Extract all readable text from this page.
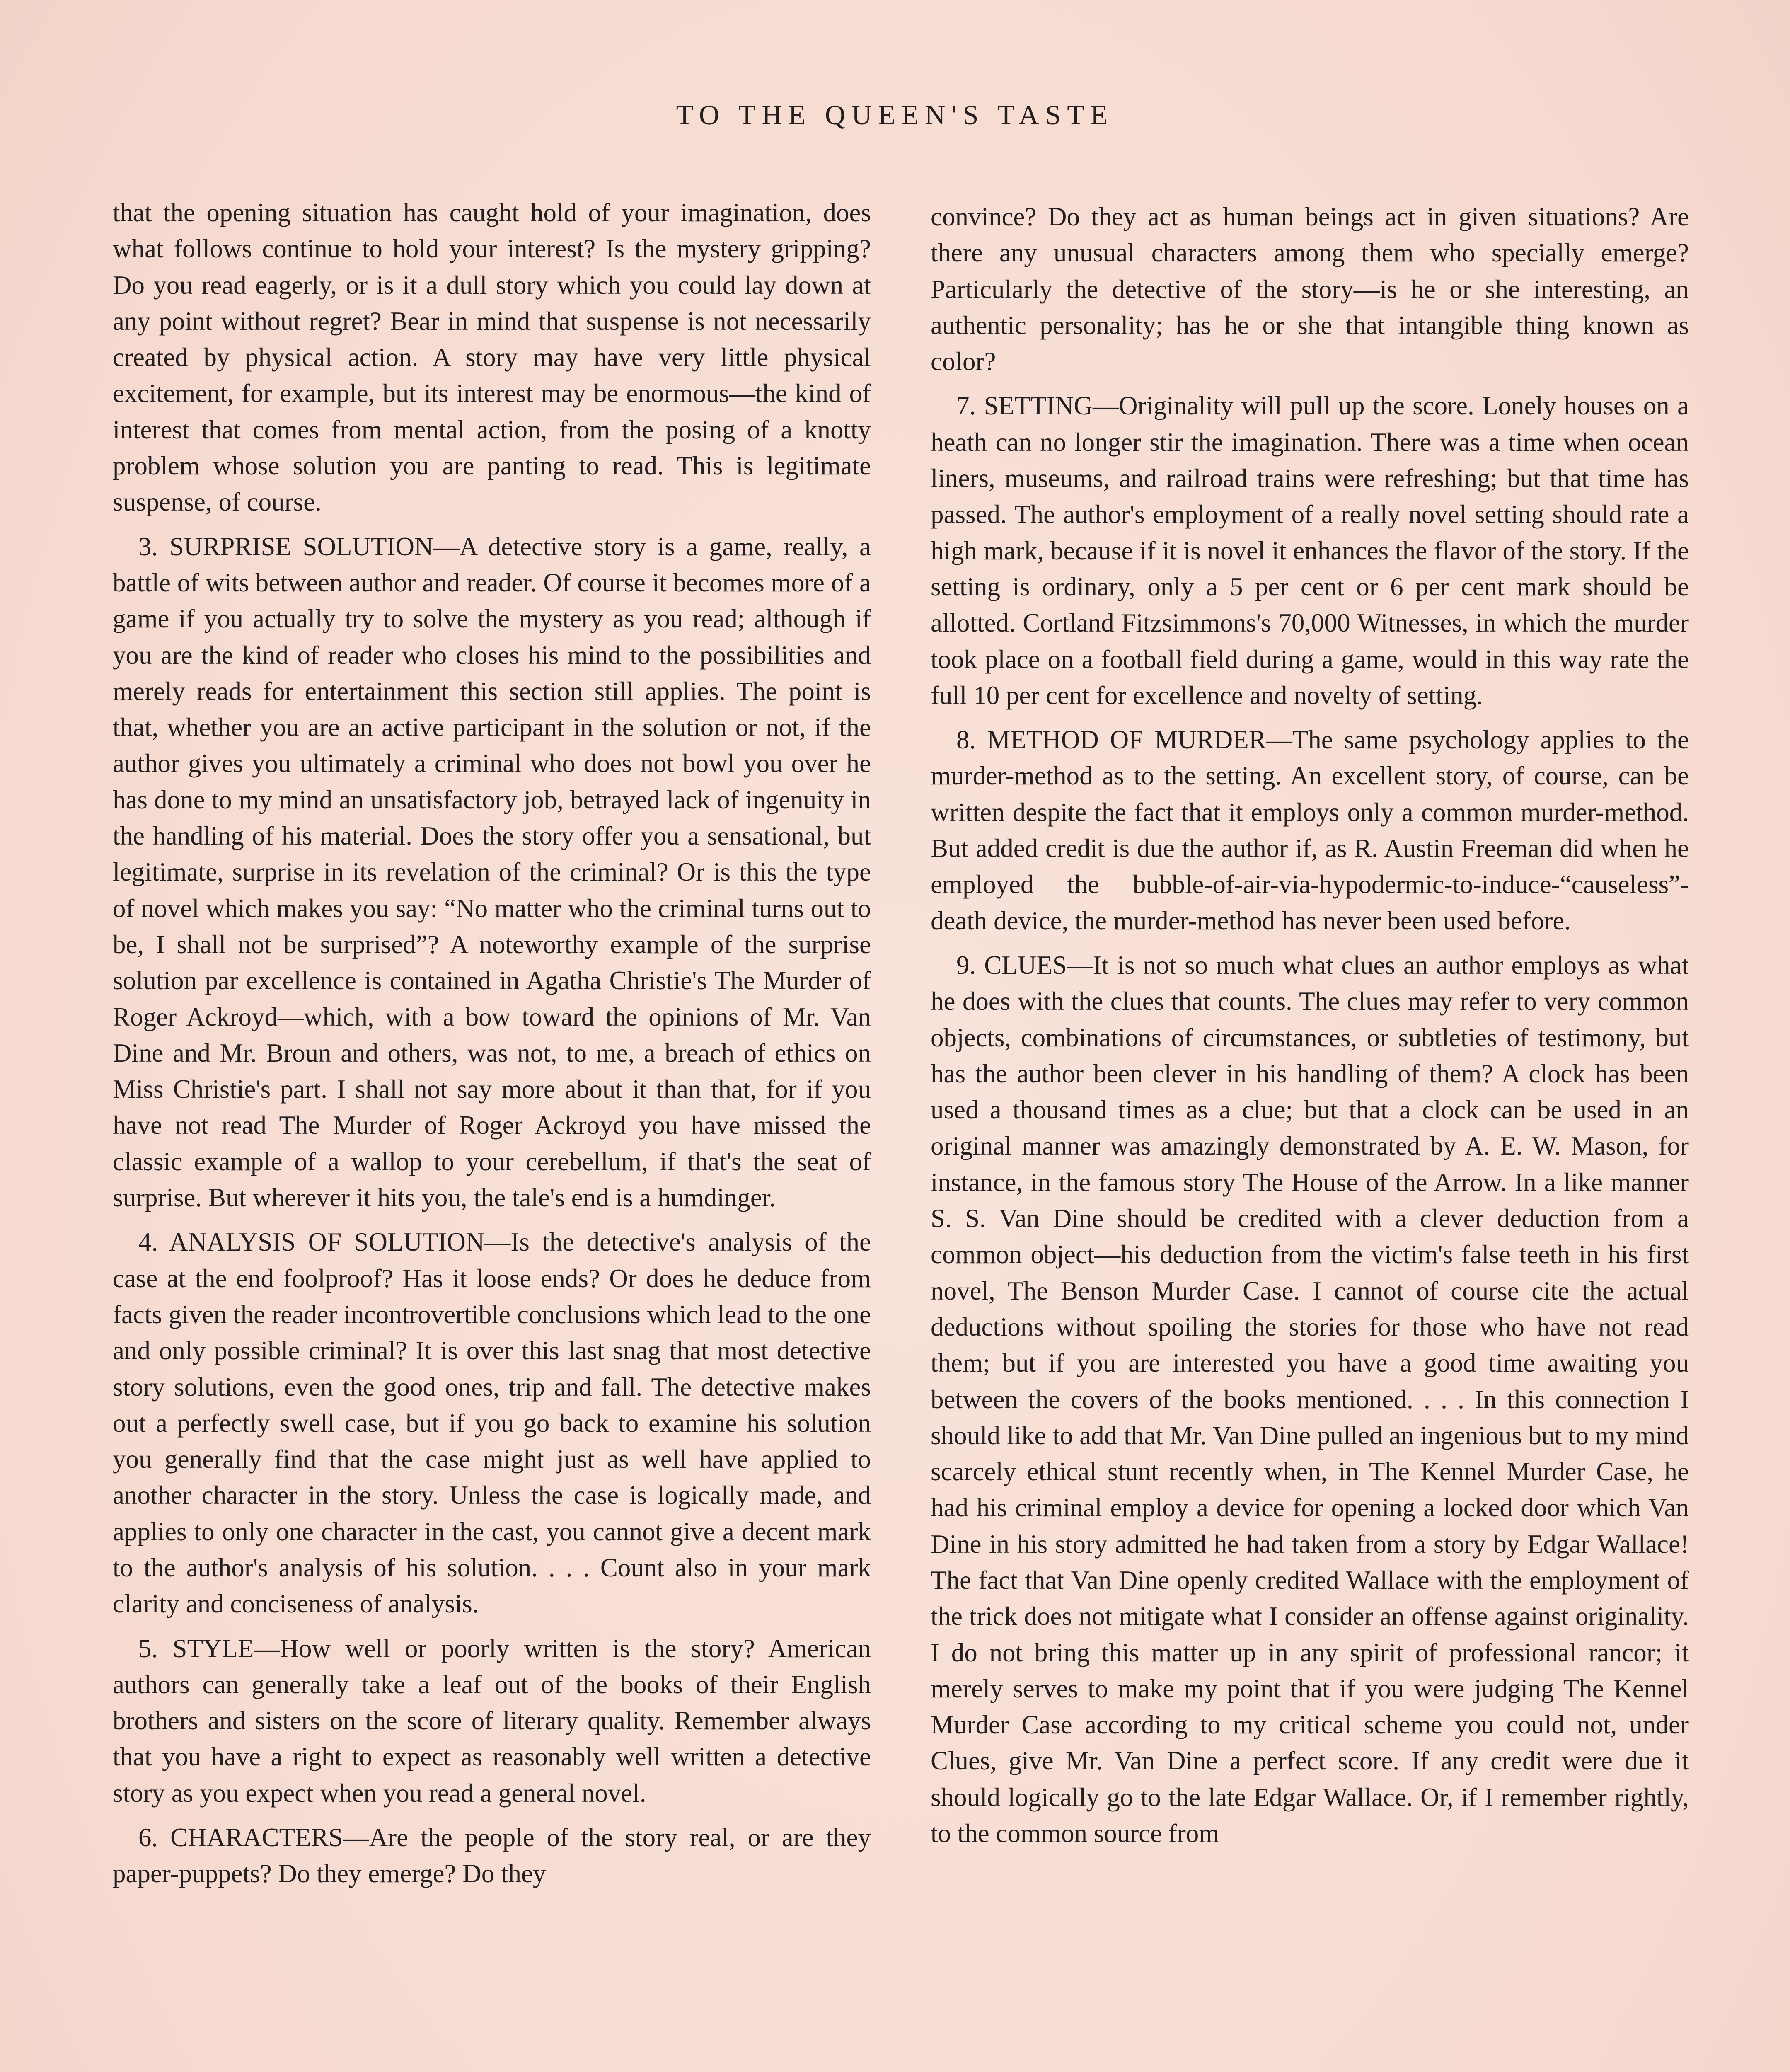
TO THE QUEEN'S TASTE

that the opening situation has caught hold of your imagination, does what follows continue to hold your interest? Is the mystery gripping? Do you read eagerly, or is it a dull story which you could lay down at any point without regret? Bear in mind that suspense is not necessarily created by physical action. A story may have very little physical excitement, for example, but its interest may be enormous—the kind of interest that comes from mental action, from the posing of a knotty problem whose solution you are panting to read. This is legitimate suspense, of course.

3. SURPRISE SOLUTION—A detective story is a game, really, a battle of wits between author and reader. Of course it becomes more of a game if you actually try to solve the mystery as you read; although if you are the kind of reader who closes his mind to the possibilities and merely reads for entertainment this section still applies. The point is that, whether you are an active participant in the solution or not, if the author gives you ultimately a criminal who does not bowl you over he has done to my mind an unsatisfactory job, betrayed lack of ingenuity in the handling of his material. Does the story offer you a sensational, but legitimate, surprise in its revelation of the criminal? Or is this the type of novel which makes you say: “No matter who the criminal turns out to be, I shall not be surprised”? A noteworthy example of the surprise solution par excellence is contained in Agatha Christie's The Murder of Roger Ackroyd—which, with a bow toward the opinions of Mr. Van Dine and Mr. Broun and others, was not, to me, a breach of ethics on Miss Christie's part. I shall not say more about it than that, for if you have not read The Murder of Roger Ackroyd you have missed the classic example of a wallop to your cerebellum, if that's the seat of surprise. But wherever it hits you, the tale's end is a humdinger.

4. ANALYSIS OF SOLUTION—Is the detective's analysis of the case at the end foolproof? Has it loose ends? Or does he deduce from facts given the reader incontrovertible conclusions which lead to the one and only possible criminal? It is over this last snag that most detective story solutions, even the good ones, trip and fall. The detective makes out a perfectly swell case, but if you go back to examine his solution you generally find that the case might just as well have applied to another character in the story. Unless the case is logically made, and applies to only one character in the cast, you cannot give a decent mark to the author's analysis of his solution. . . . Count also in your mark clarity and conciseness of analysis.

5. STYLE—How well or poorly written is the story? American authors can generally take a leaf out of the books of their English brothers and sisters on the score of literary quality. Remember always that you have a right to expect as reasonably well written a detective story as you expect when you read a general novel.

6. CHARACTERS—Are the people of the story real, or are they paper-puppets? Do they emerge? Do they

convince? Do they act as human beings act in given situations? Are there any unusual characters among them who specially emerge? Particularly the detective of the story—is he or she interesting, an authentic personality; has he or she that intangible thing known as color?

7. SETTING—Originality will pull up the score. Lonely houses on a heath can no longer stir the imagination. There was a time when ocean liners, museums, and railroad trains were refreshing; but that time has passed. The author's employment of a really novel setting should rate a high mark, because if it is novel it enhances the flavor of the story. If the setting is ordinary, only a 5 per cent or 6 per cent mark should be allotted. Cortland Fitzsimmons's 70,000 Witnesses, in which the murder took place on a football field during a game, would in this way rate the full 10 per cent for excellence and novelty of setting.

8. METHOD OF MURDER—The same psychology applies to the murder-method as to the setting. An excellent story, of course, can be written despite the fact that it employs only a common murder-method. But added credit is due the author if, as R. Austin Freeman did when he employed the bubble-of-air-via-hypodermic-to-induce-“causeless”-death device, the murder-method has never been used before.

9. CLUES—It is not so much what clues an author employs as what he does with the clues that counts. The clues may refer to very common objects, combinations of circumstances, or subtleties of testimony, but has the author been clever in his handling of them? A clock has been used a thousand times as a clue; but that a clock can be used in an original manner was amazingly demonstrated by A. E. W. Mason, for instance, in the famous story The House of the Arrow. In a like manner S. S. Van Dine should be credited with a clever deduction from a common object—his deduction from the victim's false teeth in his first novel, The Benson Murder Case. I cannot of course cite the actual deductions without spoiling the stories for those who have not read them; but if you are interested you have a good time awaiting you between the covers of the books mentioned. . . . In this connection I should like to add that Mr. Van Dine pulled an ingenious but to my mind scarcely ethical stunt recently when, in The Kennel Murder Case, he had his criminal employ a device for opening a locked door which Van Dine in his story admitted he had taken from a story by Edgar Wallace! The fact that Van Dine openly credited Wallace with the employment of the trick does not mitigate what I consider an offense against originality. I do not bring this matter up in any spirit of professional rancor; it merely serves to make my point that if you were judging The Kennel Murder Case according to my critical scheme you could not, under Clues, give Mr. Van Dine a perfect score. If any credit were due it should logically go to the late Edgar Wallace. Or, if I remember rightly, to the common source from
